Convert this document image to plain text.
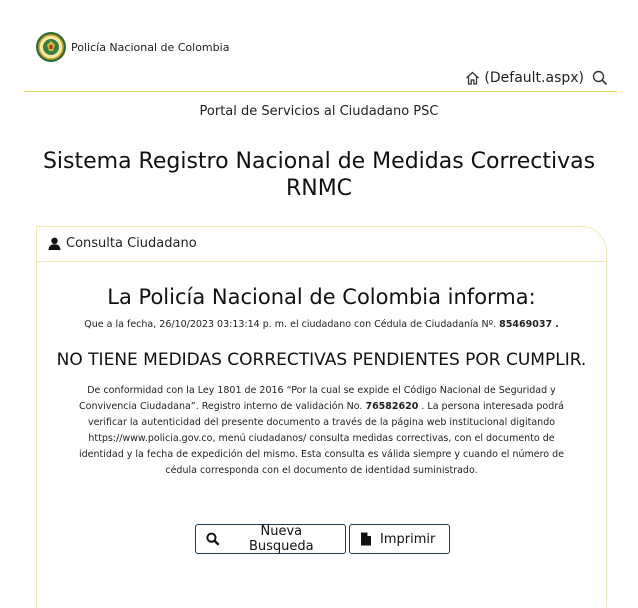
Policía Nacional de Colombia
(Default.aspx)
Portal de Servicios al Ciudadano PSC
Sistema Registro Nacional de Medidas Correctivas
RNMC
Consulta Ciudadano
La Policía Nacional de Colombia informa:
Que a la fecha, 26/10/2023 03:13:14 p. m. el ciudadano con Cédula de Ciudadanía Nº. 85469037 .
NO TIENE MEDIDAS CORRECTIVAS PENDIENTES POR CUMPLIR.
De conformidad con la Ley 1801 de 2016 “Por la cual se expide el Código Nacional de Seguridad y Convivencia Ciudadana”. Registro interno de validación No. 76582620 . La persona interesada podrá verificar la autenticidad del presente documento a través de la página web institucional digitando https://www.policia.gov.co, menú ciudadanos/ consulta medidas correctivas, con el documento de identidad y la fecha de expedición del mismo. Esta consulta es válida siempre y cuando el número de cédula corresponda con el documento de identidad suministrado.
Nueva Busqueda	Imprimir
